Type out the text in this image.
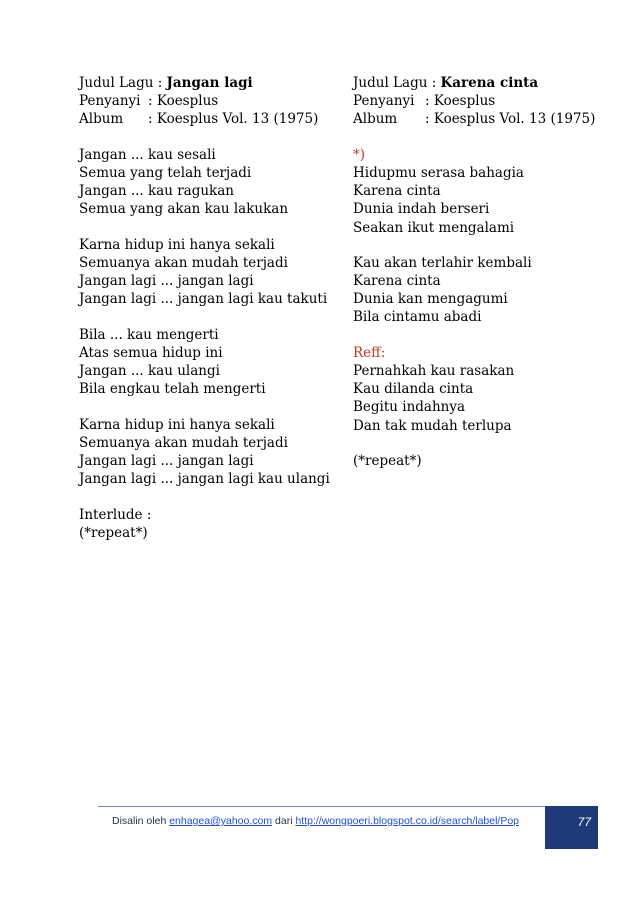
Judul Lagu : Jangan lagi
Penyanyi : Koesplus
Album : Koesplus Vol. 13 (1975)
Jangan ... kau sesali
Semua yang telah terjadi
Jangan ... kau ragukan
Semua yang akan kau lakukan
Karna hidup ini hanya sekali
Semuanya akan mudah terjadi
Jangan lagi ... jangan lagi
Jangan lagi ... jangan lagi kau takuti
Bila ... kau mengerti
Atas semua hidup ini
Jangan ... kau ulangi
Bila engkau telah mengerti
Karna hidup ini hanya sekali
Semuanya akan mudah terjadi
Jangan lagi ... jangan lagi
Jangan lagi ... jangan lagi kau ulangi
Interlude :
(*repeat*)
Judul Lagu : Karena cinta
Penyanyi : Koesplus
Album : Koesplus Vol. 13 (1975)
*)
Hidupmu serasa bahagia
Karena cinta
Dunia indah berseri
Seakan ikut mengalami
Kau akan terlahir kembali
Karena cinta
Dunia kan mengagumi
Bila cintamu abadi
Reff:
Pernahkah kau rasakan
Kau dilanda cinta
Begitu indahnya
Dan tak mudah terlupa
(*repeat*)
Disalin oleh enhagea@yahoo.com dari http://wongpoeri.blogspot.co.id/search/label/Pop	77
